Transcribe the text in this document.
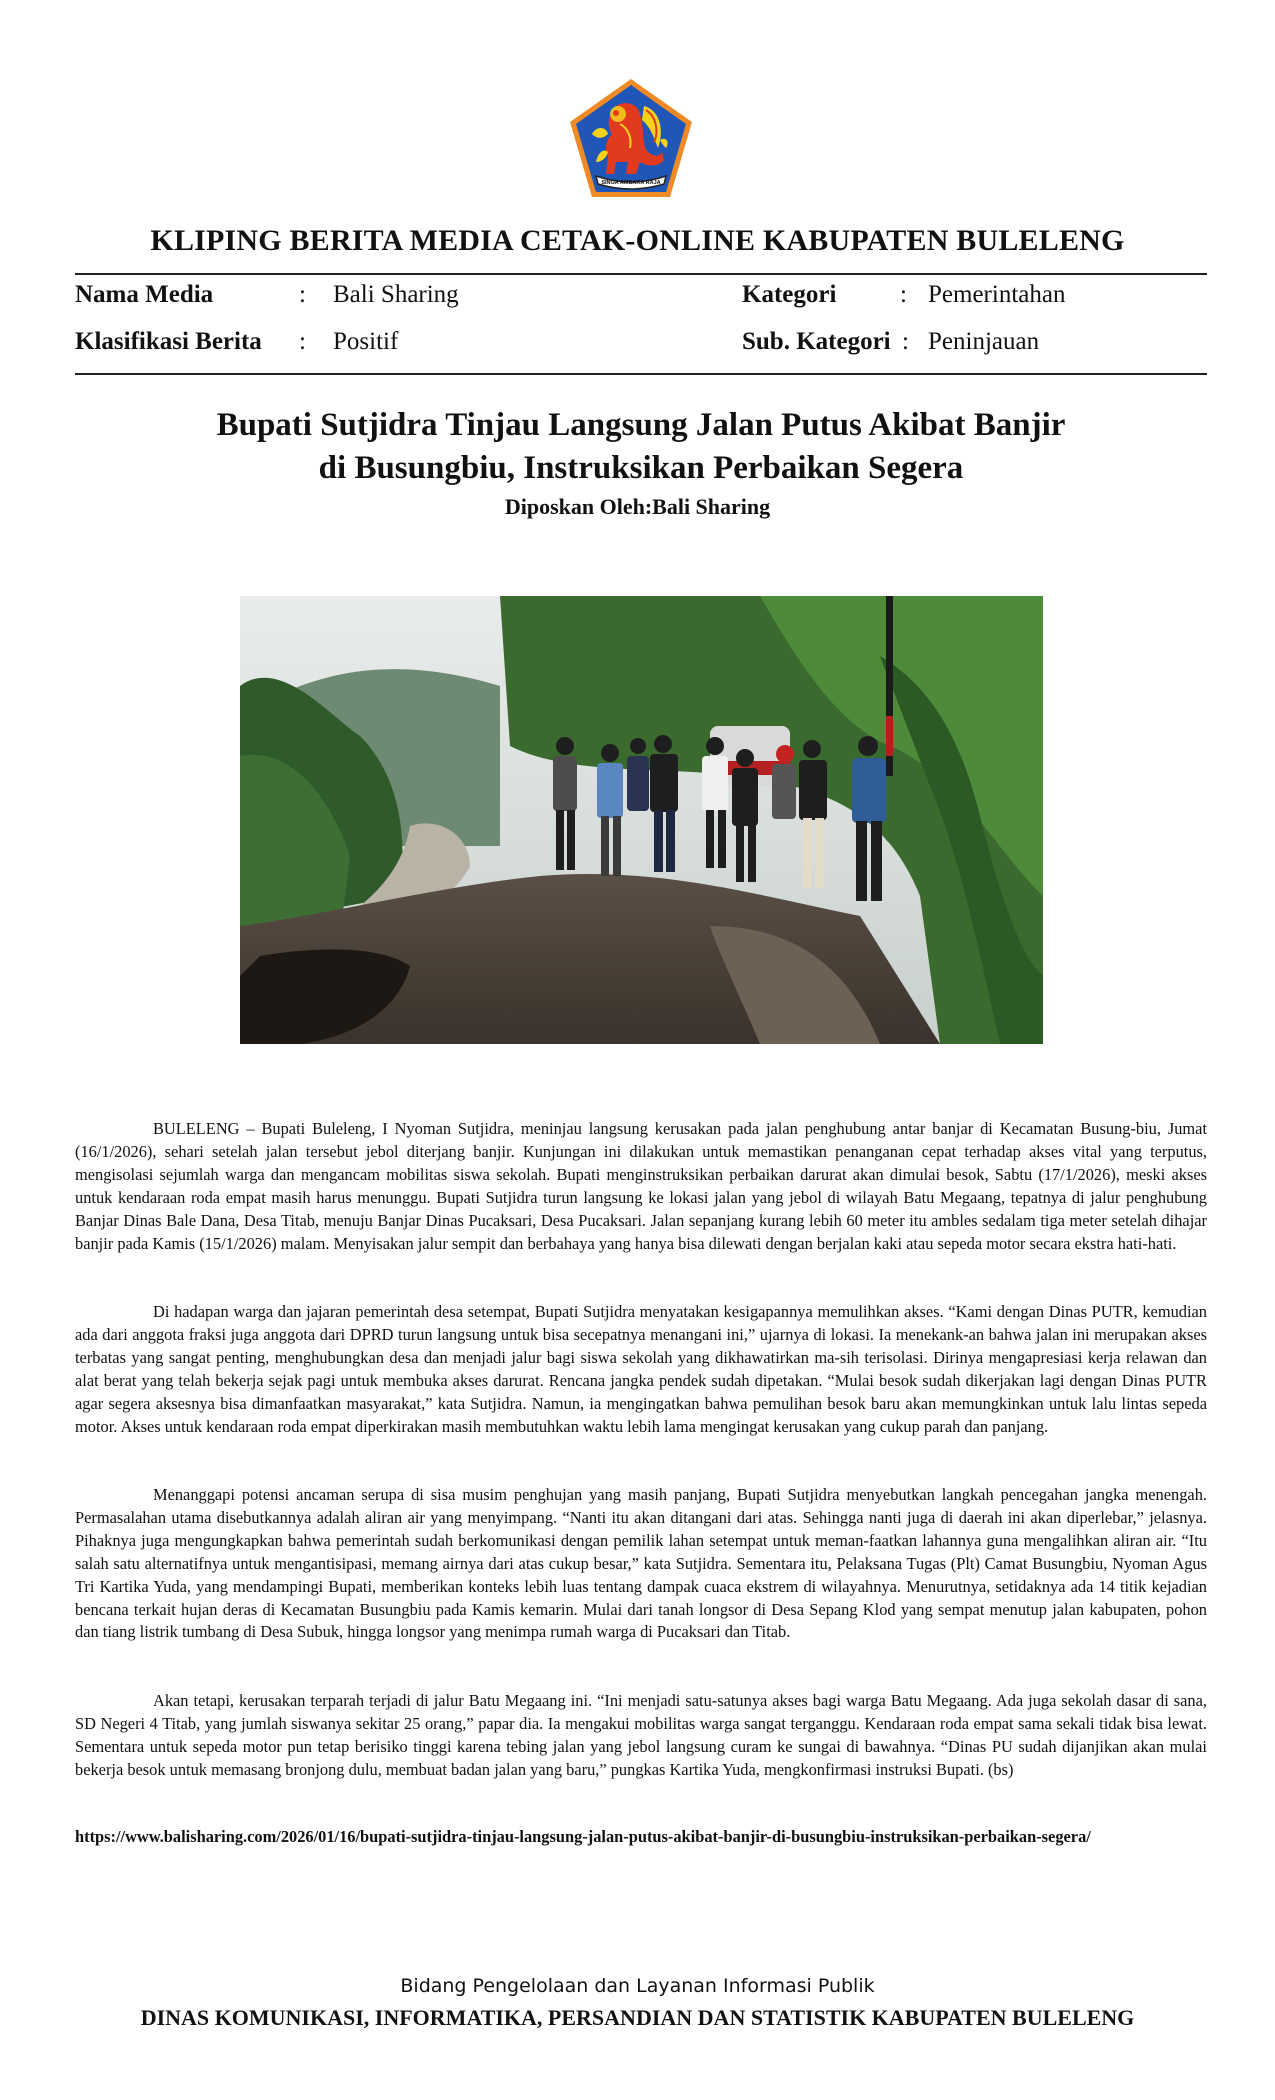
SINGA AMBARA RAJA
KLIPING BERITA MEDIA CETAK-ONLINE KABUPATEN BULELENG
Nama Media	: Bali Sharing
Klasifikasi Berita : Positif
Kategori	: Pemerintahan
Sub. Kategori : Peninjauan
Bupati Sutjidra Tinjau Langsung Jalan Putus Akibat Banjir
di Busungbiu, Instruksikan Perbaikan Segera
Diposkan Oleh:Bali Sharing

BULELENG – Bupati Buleleng, I Nyoman Sutjidra, meninjau langsung kerusakan pada jalan penghubung antar banjar di Kecamatan Busung-biu, Jumat (16/1/2026), sehari setelah jalan tersebut jebol diterjang banjir. Kunjungan ini dilakukan untuk memastikan penanganan cepat terhadap akses vital yang terputus, mengisolasi sejumlah warga dan mengancam mobilitas siswa sekolah. Bupati menginstruksikan perbaikan darurat akan dimulai besok, Sabtu (17/1/2026), meski akses untuk kendaraan roda empat masih harus menunggu. Bupati Sutjidra turun langsung ke lokasi jalan yang jebol di wilayah Batu Megaang, tepatnya di jalur penghubung Banjar Dinas Bale Dana, Desa Titab, menuju Banjar Dinas Pucaksari, Desa Pucaksari. Jalan sepanjang kurang lebih 60 meter itu ambles sedalam tiga meter setelah dihajar banjir pada Kamis (15/1/2026) malam. Menyisakan jalur sempit dan berbahaya yang hanya bisa dilewati dengan berjalan kaki atau sepeda motor secara ekstra hati-hati.

Di hadapan warga dan jajaran pemerintah desa setempat, Bupati Sutjidra menyatakan kesigapannya memulihkan akses. “Kami dengan Dinas PUTR, kemudian ada dari anggota fraksi juga anggota dari DPRD turun langsung untuk bisa secepatnya menangani ini,” ujarnya di lokasi. Ia menekank-an bahwa jalan ini merupakan akses terbatas yang sangat penting, menghubungkan desa dan menjadi jalur bagi siswa sekolah yang dikhawatirkan ma-sih terisolasi. Dirinya mengapresiasi kerja relawan dan alat berat yang telah bekerja sejak pagi untuk membuka akses darurat. Rencana jangka pendek sudah dipetakan. “Mulai besok sudah dikerjakan lagi dengan Dinas PUTR agar segera aksesnya bisa dimanfaatkan masyarakat,” kata Sutjidra. Namun, ia mengingatkan bahwa pemulihan besok baru akan memungkinkan untuk lalu lintas sepeda motor. Akses untuk kendaraan roda empat diperkirakan masih membutuhkan waktu lebih lama mengingat kerusakan yang cukup parah dan panjang.

Menanggapi potensi ancaman serupa di sisa musim penghujan yang masih panjang, Bupati Sutjidra menyebutkan langkah pencegahan jangka menengah. Permasalahan utama disebutkannya adalah aliran air yang menyimpang. “Nanti itu akan ditangani dari atas. Sehingga nanti juga di daerah ini akan diperlebar,” jelasnya. Pihaknya juga mengungkapkan bahwa pemerintah sudah berkomunikasi dengan pemilik lahan setempat untuk meman-faatkan lahannya guna mengalihkan aliran air. “Itu salah satu alternatifnya untuk mengantisipasi, memang airnya dari atas cukup besar,” kata Sutjidra. Sementara itu, Pelaksana Tugas (Plt) Camat Busungbiu, Nyoman Agus Tri Kartika Yuda, yang mendampingi Bupati, memberikan konteks lebih luas tentang dampak cuaca ekstrem di wilayahnya. Menurutnya, setidaknya ada 14 titik kejadian bencana terkait hujan deras di Kecamatan Busungbiu pada Kamis kemarin. Mulai dari tanah longsor di Desa Sepang Klod yang sempat menutup jalan kabupaten, pohon dan tiang listrik tumbang di Desa Subuk, hingga longsor yang menimpa rumah warga di Pucaksari dan Titab.

Akan tetapi, kerusakan terparah terjadi di jalur Batu Megaang ini. “Ini menjadi satu-satunya akses bagi warga Batu Megaang. Ada juga sekolah dasar di sana, SD Negeri 4 Titab, yang jumlah siswanya sekitar 25 orang,” papar dia. Ia mengakui mobilitas warga sangat terganggu. Kendaraan roda empat sama sekali tidak bisa lewat. Sementara untuk sepeda motor pun tetap berisiko tinggi karena tebing jalan yang jebol langsung curam ke sungai di bawahnya. “Dinas PU sudah dijanjikan akan mulai bekerja besok untuk memasang bronjong dulu, membuat badan jalan yang baru,” pungkas Kartika Yuda, mengkonfirmasi instruksi Bupati. (bs)

https://www.balisharing.com/2026/01/16/bupati-sutjidra-tinjau-langsung-jalan-putus-akibat-banjir-di-busungbiu-instruksikan-perbaikan-segera/
Bidang Pengelolaan dan Layanan Informasi Publik
DINAS KOMUNIKASI, INFORMATIKA, PERSANDIAN DAN STATISTIK KABUPATEN BULELENG
